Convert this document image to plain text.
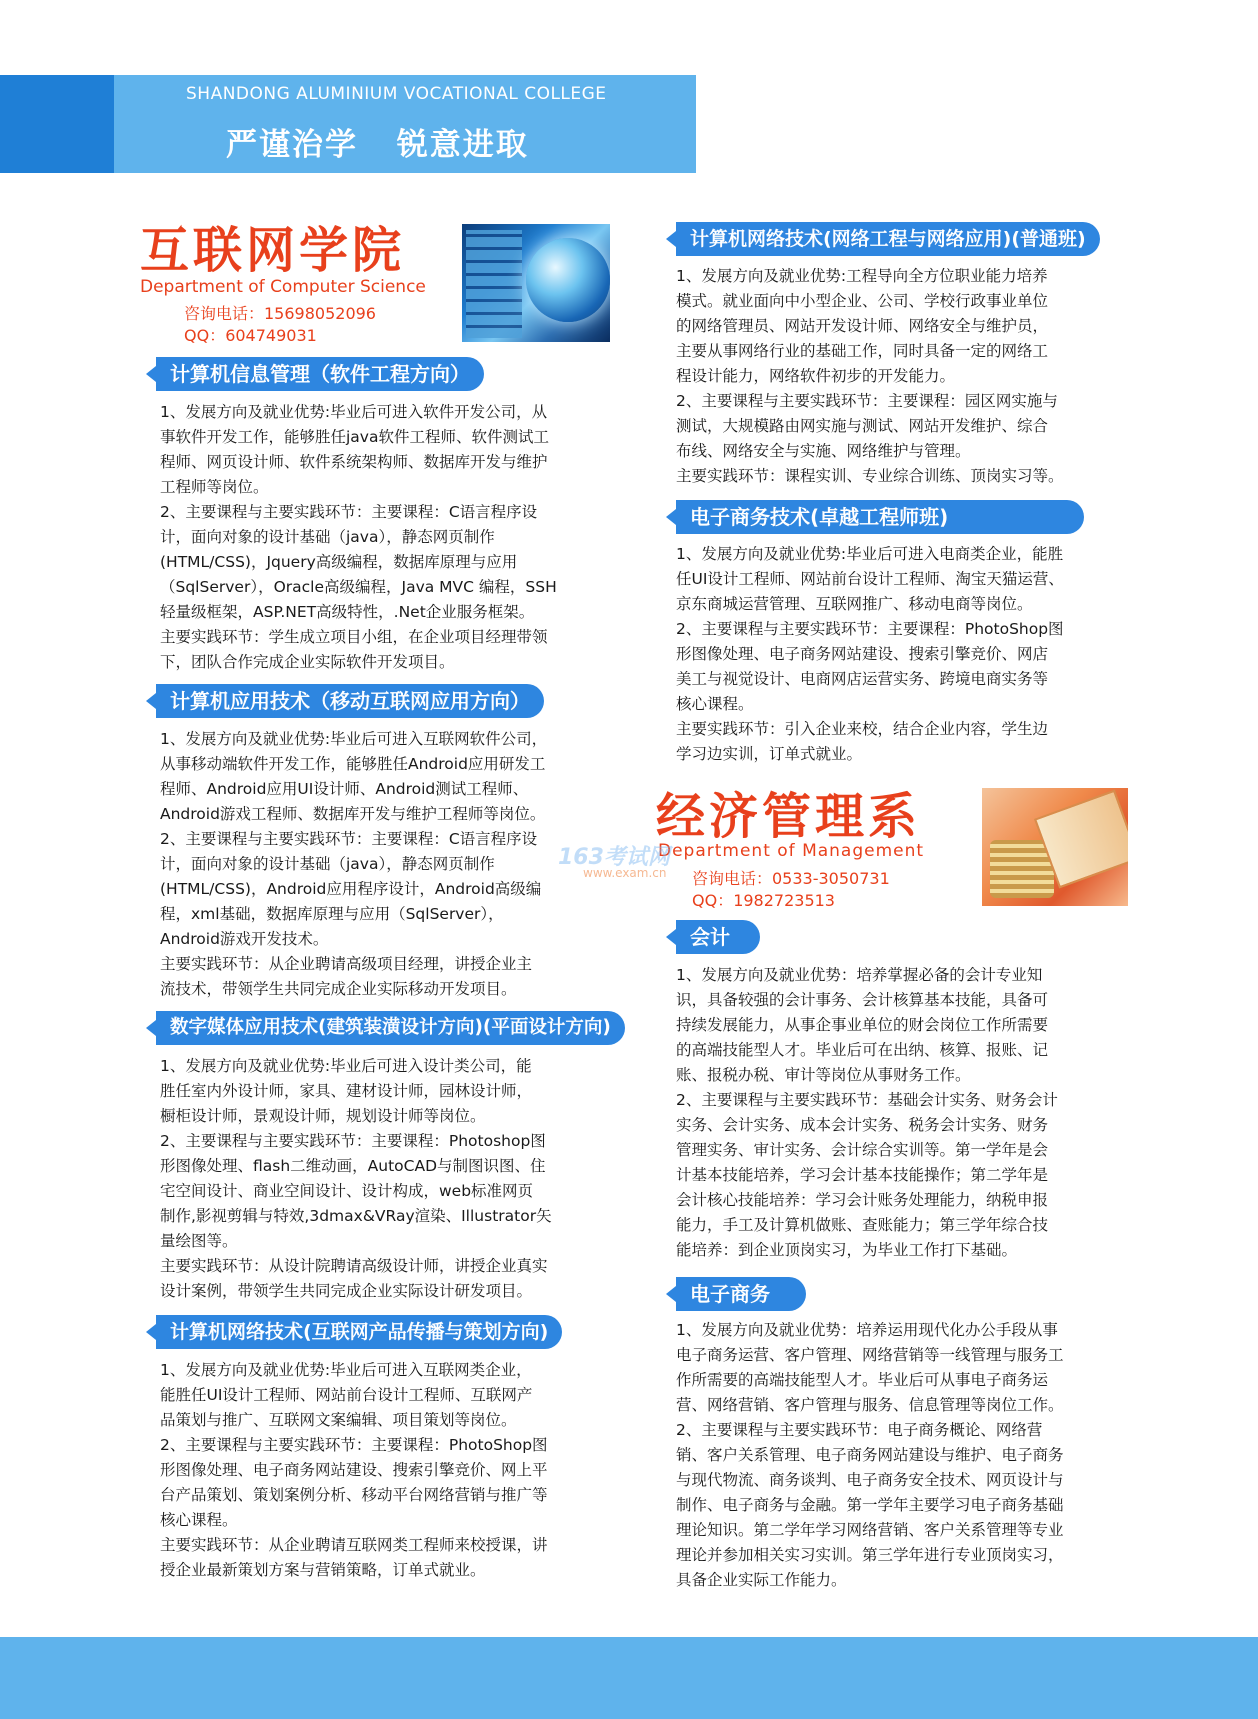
SHANDONG ALUMINIUM VOCATIONAL COLLEGE
严谨治学 锐意进取
互联网学院
Department of Computer Science
咨询电话：15698052096
QQ：604749031
计算机信息管理（软件工程方向）

1、发展方向及就业优势:毕业后可进入软件开发公司，从

事软件开发工作，能够胜任java软件工程师、软件测试工

程师、网页设计师、软件系统架构师、数据库开发与维护

工程师等岗位。

2、主要课程与主要实践环节：主要课程：C语言程序设

计，面向对象的设计基础（java），静态网页制作

(HTML/CSS)，Jquery高级编程，数据库原理与应用

（SqlServer），Oracle高级编程，Java MVC 编程，SSH

轻量级框架，ASP.NET高级特性，.Net企业服务框架。

主要实践环节：学生成立项目小组，在企业项目经理带领

下，团队合作完成企业实际软件开发项目。

计算机应用技术（移动互联网应用方向）

1、发展方向及就业优势:毕业后可进入互联网软件公司，

从事移动端软件开发工作，能够胜任Android应用研发工

程师、Android应用UI设计师、Android测试工程师、

Android游戏工程师、数据库开发与维护工程师等岗位。

2、主要课程与主要实践环节：主要课程：C语言程序设

计，面向对象的设计基础（java），静态网页制作

(HTML/CSS)，Android应用程序设计，Android高级编

程，xml基础，数据库原理与应用（SqlServer），

Android游戏开发技术。

主要实践环节：从企业聘请高级项目经理，讲授企业主

流技术，带领学生共同完成企业实际移动开发项目。

数字媒体应用技术(建筑装潢设计方向)(平面设计方向)

1、发展方向及就业优势:毕业后可进入设计类公司，能

胜任室内外设计师，家具、建材设计师，园林设计师，

橱柜设计师，景观设计师，规划设计师等岗位。

2、主要课程与主要实践环节：主要课程：Photoshop图

形图像处理、flash二维动画，AutoCAD与制图识图、住

宅空间设计、商业空间设计、设计构成，web标准网页

制作,影视剪辑与特效,3dmax&VRay渲染、Illustrator矢

量绘图等。

主要实践环节：从设计院聘请高级设计师，讲授企业真实

设计案例，带领学生共同完成企业实际设计研发项目。

计算机网络技术(互联网产品传播与策划方向)

1、发展方向及就业优势:毕业后可进入互联网类企业，

能胜任UI设计工程师、网站前台设计工程师、互联网产

品策划与推广、互联网文案编辑、项目策划等岗位。

2、主要课程与主要实践环节：主要课程：PhotoShop图

形图像处理、电子商务网站建设、搜索引擎竞价、网上平

台产品策划、策划案例分析、移动平台网络营销与推广等

核心课程。

主要实践环节：从企业聘请互联网类工程师来校授课，讲

授企业最新策划方案与营销策略，订单式就业。

计算机网络技术(网络工程与网络应用)(普通班)

1、发展方向及就业优势:工程导向全方位职业能力培养

模式。就业面向中小型企业、公司、学校行政事业单位

的网络管理员、网站开发设计师、网络安全与维护员，

主要从事网络行业的基础工作，同时具备一定的网络工

程设计能力，网络软件初步的开发能力。

2、主要课程与主要实践环节：主要课程：园区网实施与

测试，大规模路由网实施与测试、网站开发维护、综合

布线、网络安全与实施、网络维护与管理。

主要实践环节：课程实训、专业综合训练、顶岗实习等。

电子商务技术(卓越工程师班)

1、发展方向及就业优势:毕业后可进入电商类企业，能胜

任UI设计工程师、网站前台设计工程师、淘宝天猫运营、

京东商城运营管理、互联网推广、移动电商等岗位。

2、主要课程与主要实践环节：主要课程：PhotoShop图

形图像处理、电子商务网站建设、搜索引擎竞价、网店

美工与视觉设计、电商网店运营实务、跨境电商实务等

核心课程。

主要实践环节：引入企业来校，结合企业内容，学生边

学习边实训，订单式就业。

经济管理系
Department of Management
咨询电话：0533-3050731
QQ：1982723513
163考试网
www.exam.cn
会计

1、发展方向及就业优势：培养掌握必备的会计专业知

识，具备较强的会计事务、会计核算基本技能，具备可

持续发展能力，从事企事业单位的财会岗位工作所需要

的高端技能型人才。毕业后可在出纳、核算、报账、记

账、报税办税、审计等岗位从事财务工作。

2、主要课程与主要实践环节：基础会计实务、财务会计

实务、会计实务、成本会计实务、税务会计实务、财务

管理实务、审计实务、会计综合实训等。第一学年是会

计基本技能培养，学习会计基本技能操作；第二学年是

会计核心技能培养：学习会计账务处理能力，纳税申报

能力，手工及计算机做账、查账能力；第三学年综合技

能培养：到企业顶岗实习，为毕业工作打下基础。

电子商务

1、发展方向及就业优势：培养运用现代化办公手段从事

电子商务运营、客户管理、网络营销等一线管理与服务工

作所需要的高端技能型人才。毕业后可从事电子商务运

营、网络营销、客户管理与服务、信息管理等岗位工作。

2、主要课程与主要实践环节：电子商务概论、网络营

销、客户关系管理、电子商务网站建设与维护、电子商务

与现代物流、商务谈判、电子商务安全技术、网页设计与

制作、电子商务与金融。第一学年主要学习电子商务基础

理论知识。第二学年学习网络营销、客户关系管理等专业

理论并参加相关实习实训。第三学年进行专业顶岗实习，

具备企业实际工作能力。
